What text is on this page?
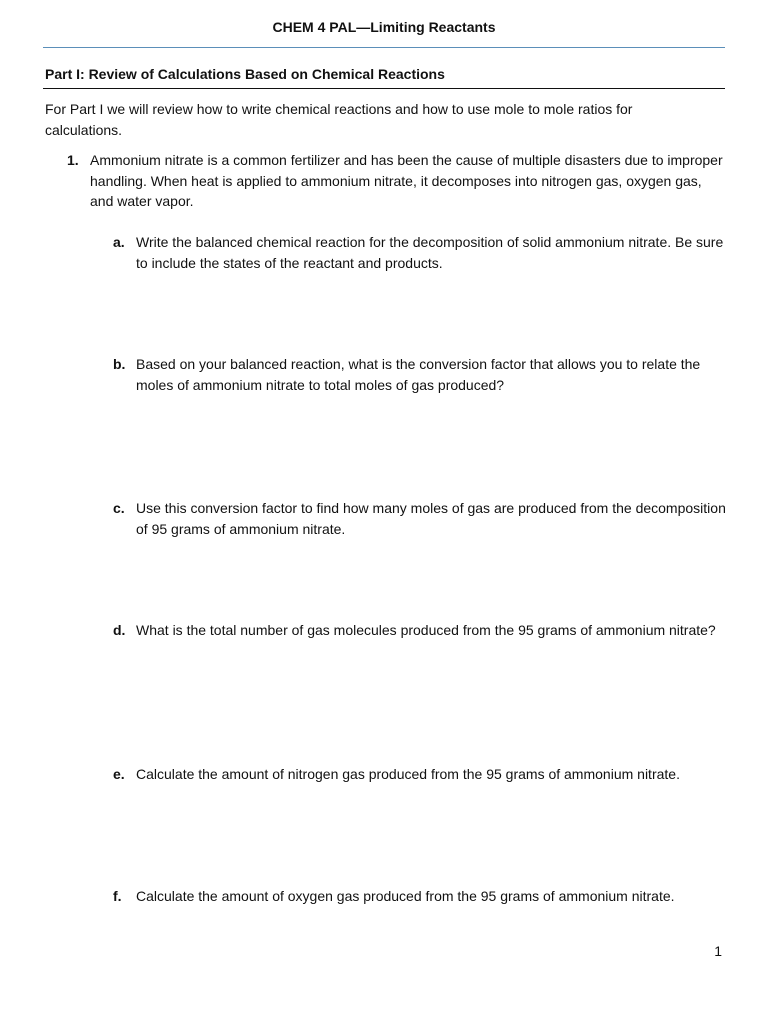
CHEM 4 PAL—Limiting Reactants
Part I: Review of Calculations Based on Chemical Reactions
For Part I we will review how to write chemical reactions and how to use mole to mole ratios for calculations.
1. Ammonium nitrate is a common fertilizer and has been the cause of multiple disasters due to improper handling. When heat is applied to ammonium nitrate, it decomposes into nitrogen gas, oxygen gas, and water vapor.
a. Write the balanced chemical reaction for the decomposition of solid ammonium nitrate. Be sure to include the states of the reactant and products.
b. Based on your balanced reaction, what is the conversion factor that allows you to relate the moles of ammonium nitrate to total moles of gas produced?
c. Use this conversion factor to find how many moles of gas are produced from the decomposition of 95 grams of ammonium nitrate.
d. What is the total number of gas molecules produced from the 95 grams of ammonium nitrate?
e. Calculate the amount of nitrogen gas produced from the 95 grams of ammonium nitrate.
f. Calculate the amount of oxygen gas produced from the 95 grams of ammonium nitrate.
1
